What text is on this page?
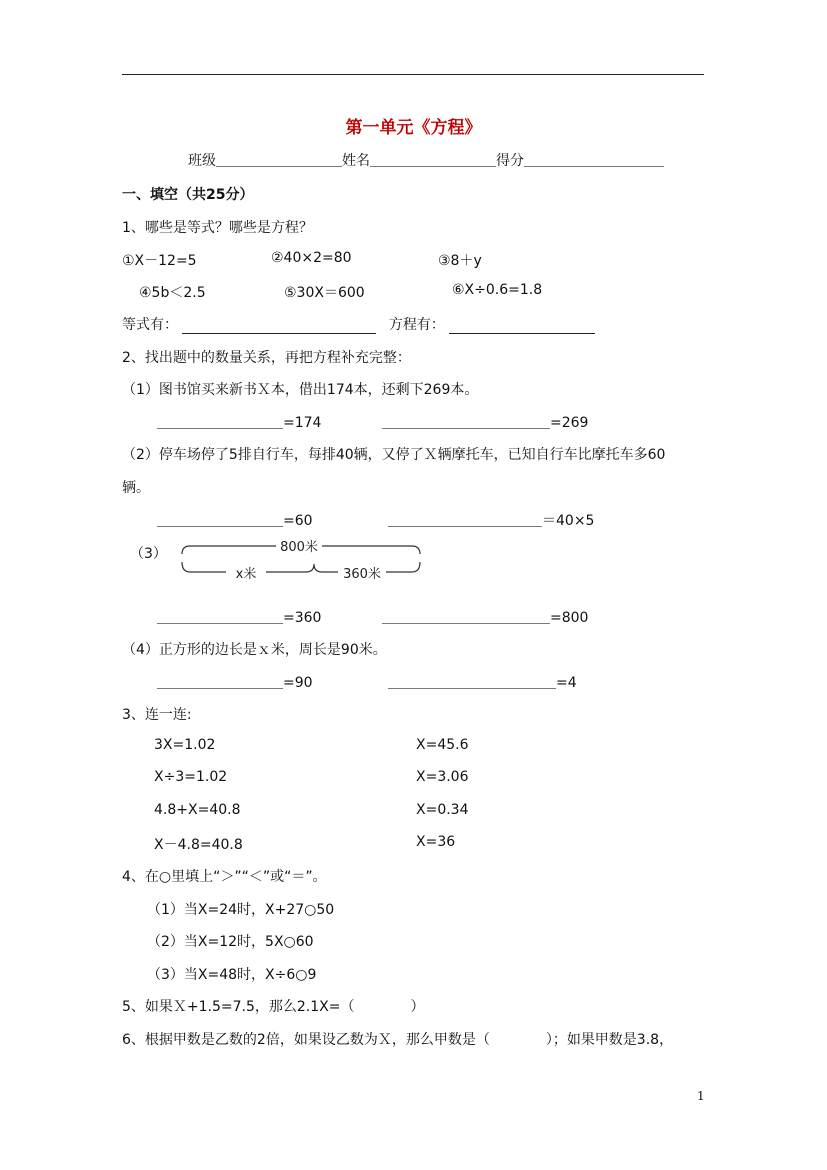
第一单元《方程》
班级＿＿＿＿＿＿＿＿＿姓名＿＿＿＿＿＿＿＿＿得分＿＿＿＿＿＿＿＿＿＿
一、填空（共25分）
1、哪些是等式？哪些是方程？
①Ⅹ－12=5	②40×2=80	③8＋y
④5b＜2.5	⑤30Ⅹ＝600	⑥Ⅹ÷0.6=1.8
等式有：	方程有：
2、找出题中的数量关系，再把方程补充完整：
（1）图书馆买来新书Ｘ本，借出174本，还剩下269本。
＿＿＿＿＿＿＿＿＿=174	＿＿＿＿＿＿＿＿＿＿＿＿=269
（2）停车场停了5排自行车，每排40辆，又停了Ｘ辆摩托车，已知自行车比摩托车多60
辆。
＿＿＿＿＿＿＿＿＿=60	＿＿＿＿＿＿＿＿＿＿＿＝40×5
（3）	800米
x米	360米
＿＿＿＿＿＿＿＿＿=360	＿＿＿＿＿＿＿＿＿＿＿＿=800
（4）正方形的边长是ｘ米，周长是90米。
＿＿＿＿＿＿＿＿＿=90	＿＿＿＿＿＿＿＿＿＿＿＿=4
3、连一连:
3X=1.02
X÷3=1.02
4.8+X=40.8
X－4.8=40.8
X=45.6
X=3.06
X=0.34
X=36
4、在○里填上“＞”“＜”或“＝”。
（1）当X=24时，X+27○50
（2）当X=12时，5X○60
（3）当X=48时，X÷6○9
5、如果Ｘ+1.5=7.5，那么2.1X=（　　　　）
6、根据甲数是乙数的2倍，如果设乙数为Ｘ，那么甲数是（　　　　）；如果甲数是3.8，
1
